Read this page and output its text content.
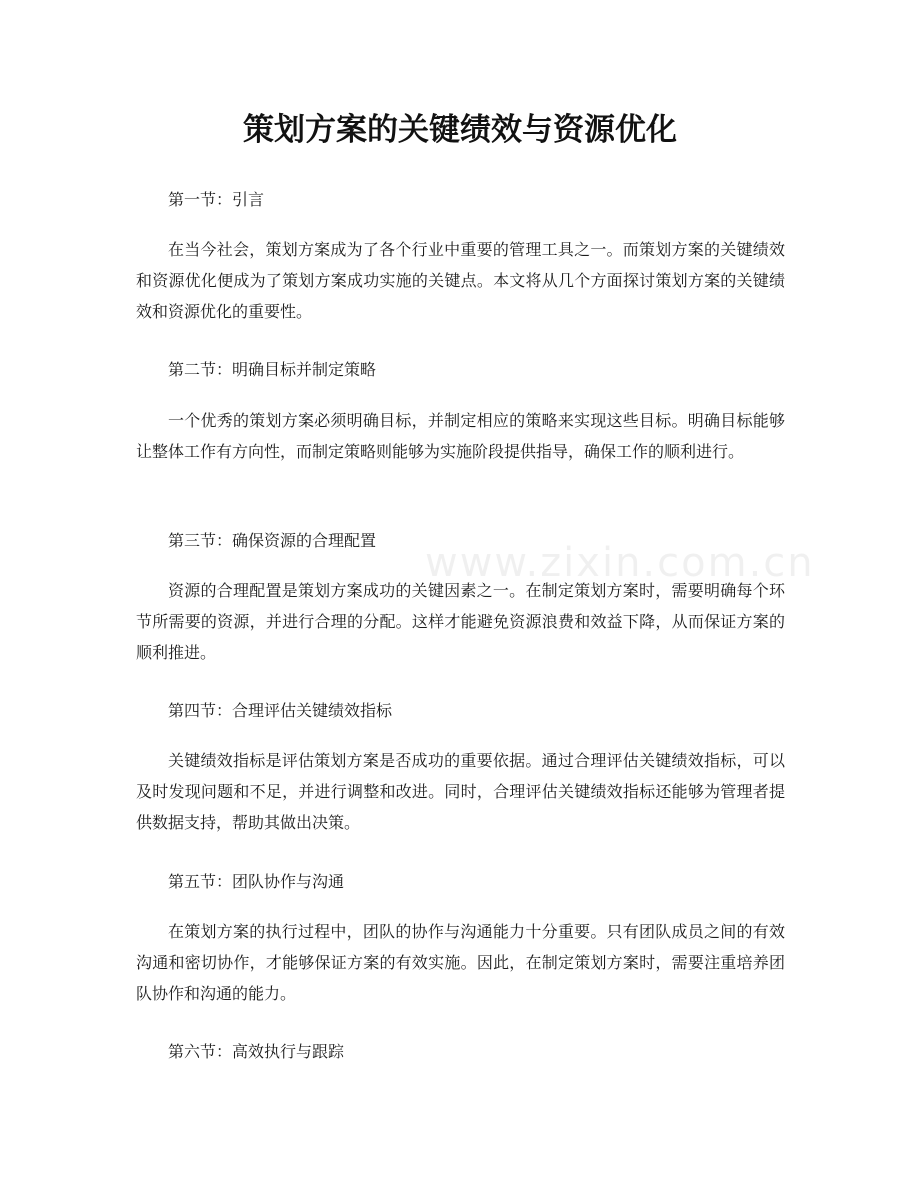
www.zixin.com.cn
策划方案的关键绩效与资源优化

第一节：引言

在当今社会，策划方案成为了各个行业中重要的管理工具之一。而策划方案的关键绩效和资源优化便成为了策划方案成功实施的关键点。本文将从几个方面探讨策划方案的关键绩效和资源优化的重要性。

第二节：明确目标并制定策略

一个优秀的策划方案必须明确目标，并制定相应的策略来实现这些目标。明确目标能够让整体工作有方向性，而制定策略则能够为实施阶段提供指导，确保工作的顺利进行。

第三节：确保资源的合理配置

资源的合理配置是策划方案成功的关键因素之一。在制定策划方案时，需要明确每个环节所需要的资源，并进行合理的分配。这样才能避免资源浪费和效益下降，从而保证方案的顺利推进。

第四节：合理评估关键绩效指标

关键绩效指标是评估策划方案是否成功的重要依据。通过合理评估关键绩效指标，可以及时发现问题和不足，并进行调整和改进。同时，合理评估关键绩效指标还能够为管理者提供数据支持，帮助其做出决策。

第五节：团队协作与沟通

在策划方案的执行过程中，团队的协作与沟通能力十分重要。只有团队成员之间的有效沟通和密切协作，才能够保证方案的有效实施。因此，在制定策划方案时，需要注重培养团队协作和沟通的能力。

第六节：高效执行与跟踪
